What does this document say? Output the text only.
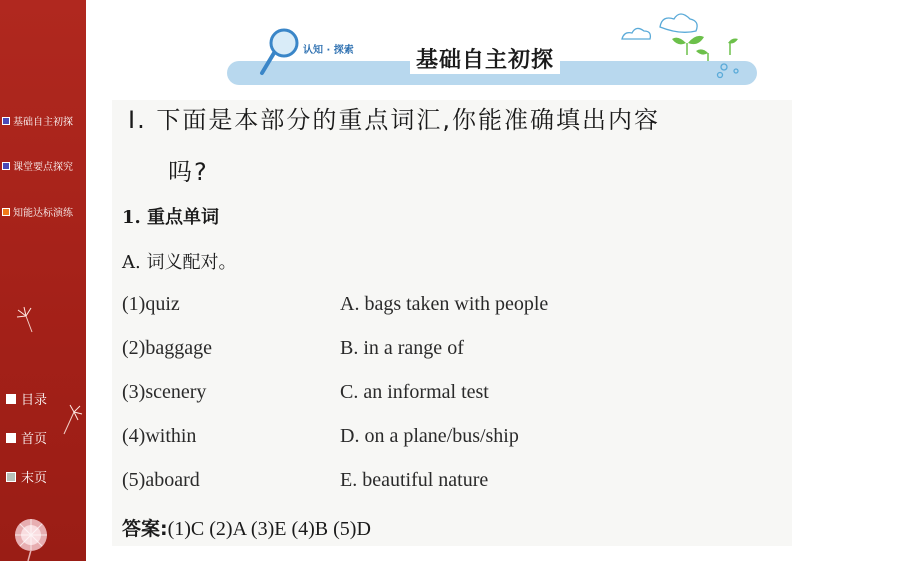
基础自主初探
课堂要点探究
知能达标演练
目录
首页
末页
认知 · 探索	基础自主初探
Ⅰ. 下面是本部分的重点词汇,你能准确填出内容
吗?
1. 重点单词
A. 词义配对。
(1)quiz	A. bags taken with people
(2)baggage	B. in a range of
(3)scenery	C. an informal test
(4)within	D. on a plane/bus/ship
(5)aboard	E. beautiful nature
答案:(1)C (2)A (3)E (4)B (5)D
